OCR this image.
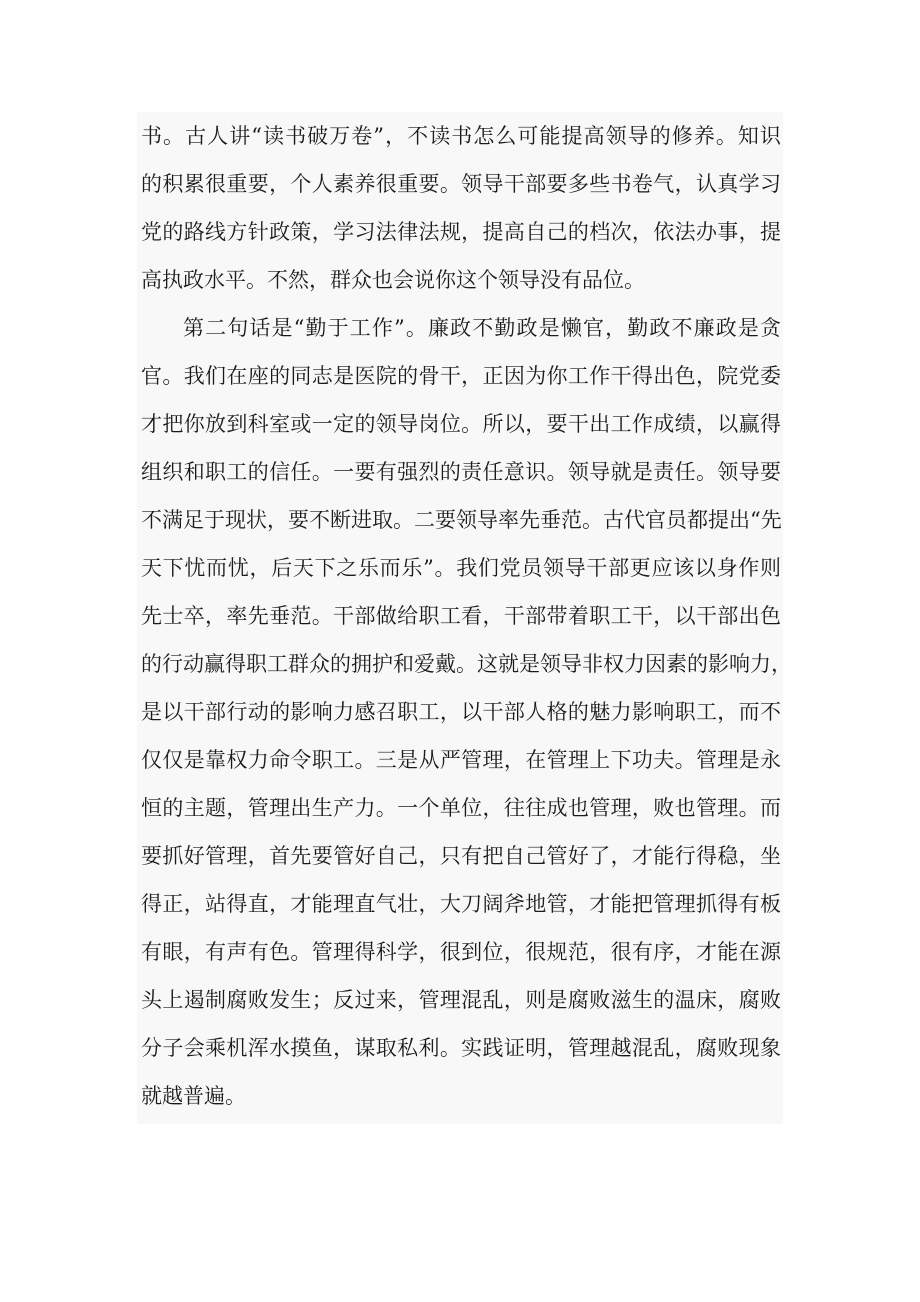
书。古人讲“读书破万卷”，不读书怎么可能提高领导的修养。知识
的积累很重要，个人素养很重要。领导干部要多些书卷气，认真学习
党的路线方针政策，学习法律法规，提高自己的档次，依法办事，提
高执政水平。不然，群众也会说你这个领导没有品位。
第二句话是“勤于工作”。廉政不勤政是懒官，勤政不廉政是贪
官。我们在座的同志是医院的骨干，正因为你工作干得出色，院党委
才把你放到科室或一定的领导岗位。所以，要干出工作成绩，以赢得
组织和职工的信任。一要有强烈的责任意识。领导就是责任。领导要
不满足于现状，要不断进取。二要领导率先垂范。古代官员都提出“先
天下忧而忧，后天下之乐而乐”。我们党员领导干部更应该以身作则
先士卒，率先垂范。干部做给职工看，干部带着职工干，以干部出色
的行动赢得职工群众的拥护和爱戴。这就是领导非权力因素的影响力，
是以干部行动的影响力感召职工，以干部人格的魅力影响职工，而不
仅仅是靠权力命令职工。三是从严管理，在管理上下功夫。管理是永
恒的主题，管理出生产力。一个单位，往往成也管理，败也管理。而
要抓好管理，首先要管好自己，只有把自己管好了，才能行得稳，坐
得正，站得直，才能理直气壮，大刀阔斧地管，才能把管理抓得有板
有眼，有声有色。管理得科学，很到位，很规范，很有序，才能在源
头上遏制腐败发生；反过来，管理混乱，则是腐败滋生的温床，腐败
分子会乘机浑水摸鱼，谋取私利。实践证明，管理越混乱，腐败现象
就越普遍。
